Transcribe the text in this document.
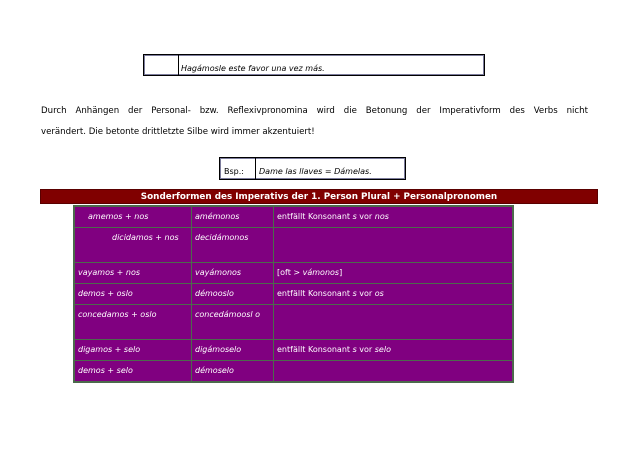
Hagámosle este favor una vez más.
Durch Anhängen der Personal- bzw. Reflexivpronomina wird die Betonung der Imperativform des Verbs nicht
verändert. Die betonte drittletzte Silbe wird immer akzentuiert!
Bsp.:	Dame las llaves = Dámelas.
Sonderformen des Imperativs der 1. Person Plural + Personalpronomen
amemos + nos	amémonos	entfällt Konsonant s vor nos
dicidamos + nos	decidámonos
vayamos + nos	vayámonos	[oft > vámonos]
demos + oslo	démooslo	entfällt Konsonant s vor os
concedamos + oslo	concedámoosl o
digamos + selo	digámoselo	entfällt Konsonant s vor selo
demos + selo	démoselo
